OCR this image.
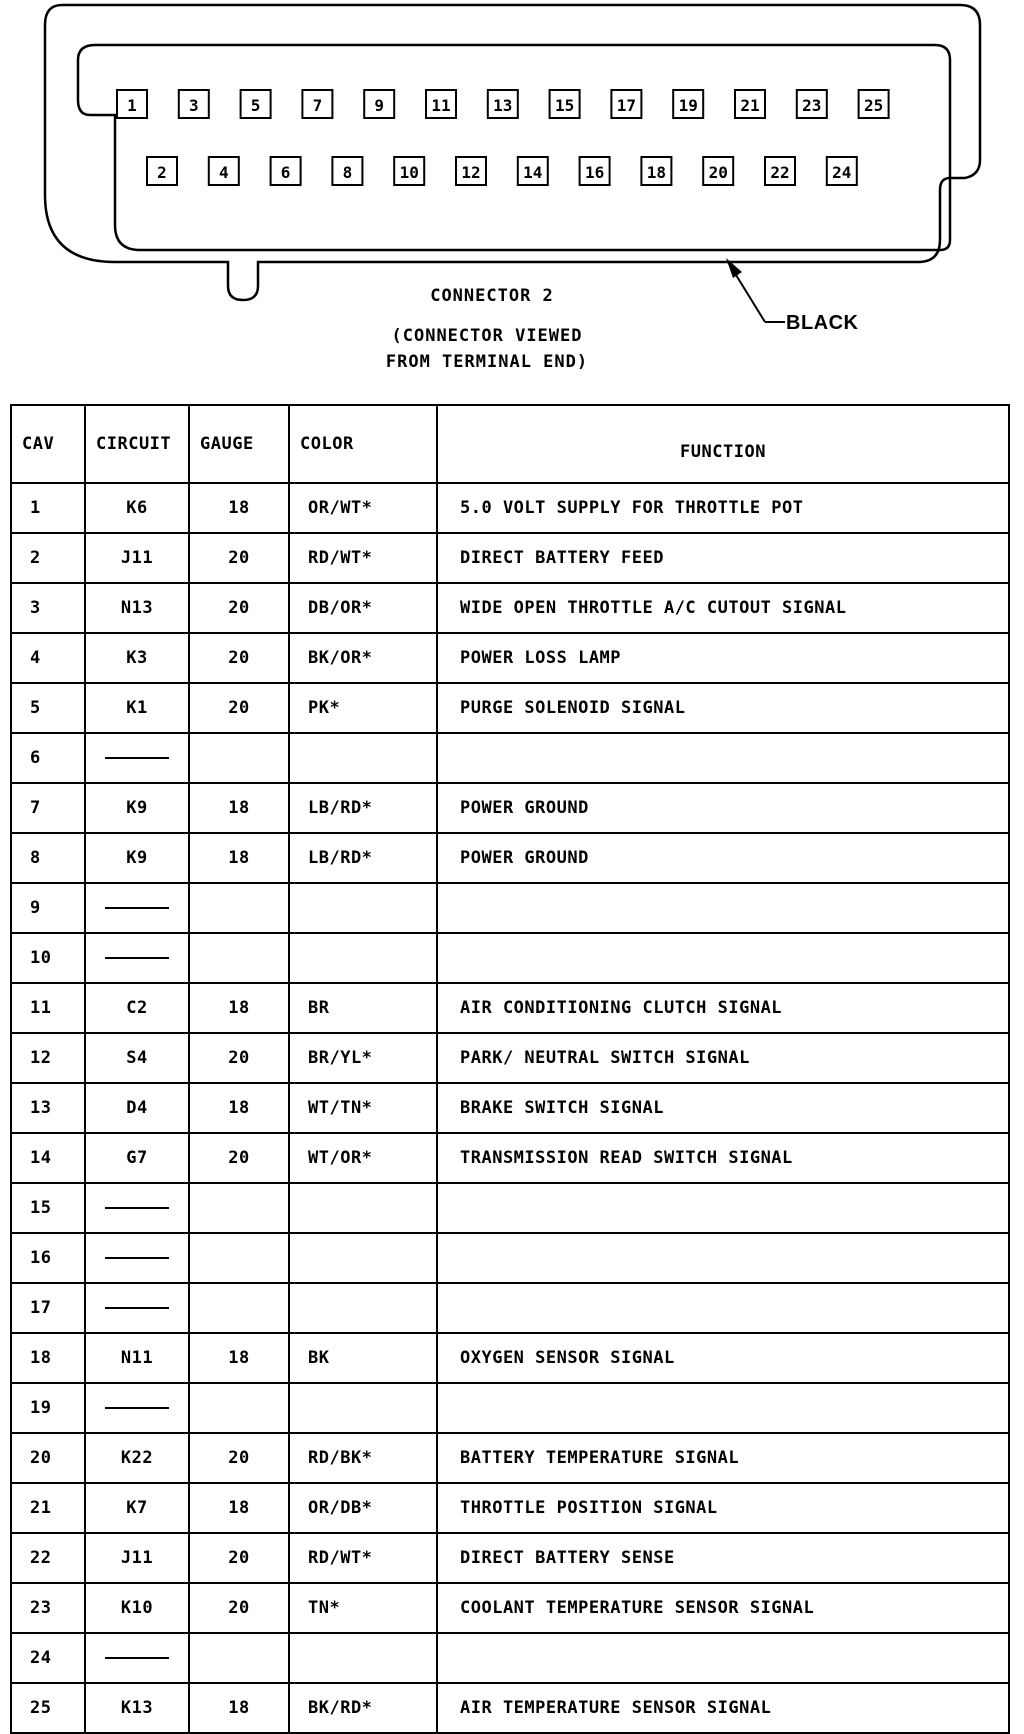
1	3	5	7	9	11	13	15	17	19	21	23	25
2	4	6	8	10	12	14	16	18	20	22	24
CONNECTOR 2
(CONNECTOR VIEWED
FROM TERMINAL END)
BLACK
CAV	CIRCUIT	GAUGE	COLOR	FUNCTION
1	K6	18	OR/WT*	5.0 VOLT SUPPLY FOR THROTTLE POT
2	J11	20	RD/WT*	DIRECT BATTERY FEED
3	N13	20	DB/OR*	WIDE OPEN THROTTLE A/C CUTOUT SIGNAL
4	K3	20	BK/OR*	POWER LOSS LAMP
5	K1	20	PK*	PURGE SOLENOID SIGNAL
6				
7	K9	18	LB/RD*	POWER GROUND
8	K9	18	LB/RD*	POWER GROUND
9				
10				
11	C2	18	BR	AIR CONDITIONING CLUTCH SIGNAL
12	S4	20	BR/YL*	PARK/ NEUTRAL SWITCH SIGNAL
13	D4	18	WT/TN*	BRAKE SWITCH SIGNAL
14	G7	20	WT/OR*	TRANSMISSION READ SWITCH SIGNAL
15				
16				
17				
18	N11	18	BK	OXYGEN SENSOR SIGNAL
19				
20	K22	20	RD/BK*	BATTERY TEMPERATURE SIGNAL
21	K7	18	OR/DB*	THROTTLE POSITION SIGNAL
22	J11	20	RD/WT*	DIRECT BATTERY SENSE
23	K10	20	TN*	COOLANT TEMPERATURE SENSOR SIGNAL
24				
25	K13	18	BK/RD*	AIR TEMPERATURE SENSOR SIGNAL
